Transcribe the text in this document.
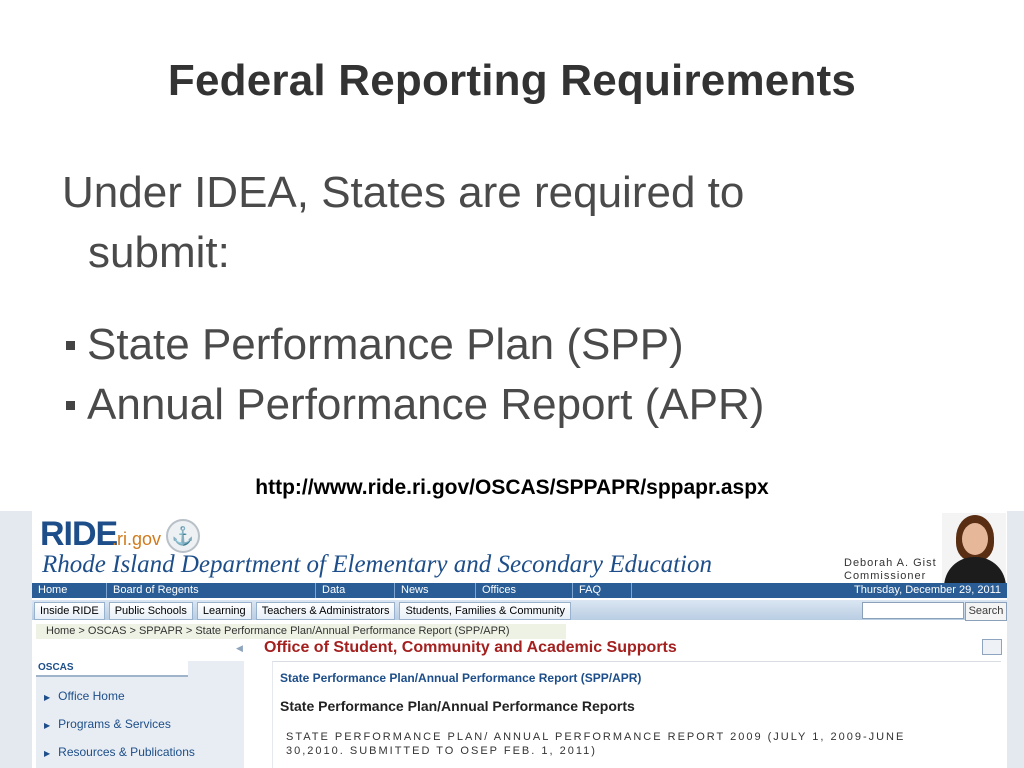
Federal Reporting Requirements
Under IDEA, States are required to
submit:
State Performance Plan (SPP)
Annual Performance Report (APR)
http://www.ride.ri.gov/OSCAS/SPPAPR/sppapr.aspx
RIDE
.ri.gov ⚓
Rhode Island Department of Elementary and Secondary Education	Deborah A. Gist
Commissioner
Home	Board of Regents	Data	News	Offices	FAQ	Thursday, December 29, 2011
Inside RIDE	Public Schools	Learning	Teachers & Administrators	Students, Families & Community	Search
Home > OSCAS > SPPAPR > State Performance Plan/Annual Performance Report (SPP/APR)
◀
OSCAS
▶ Office Home
▶ Programs & Services
▶ Resources & Publications
Office of Student, Community and Academic Supports
State Performance Plan/Annual Performance Report (SPP/APR)
State Performance Plan/Annual Performance Reports
STATE PERFORMANCE PLAN/ ANNUAL PERFORMANCE REPORT 2009 (JULY 1, 2009-JUNE 30,2010. SUBMITTED TO OSEP FEB. 1, 2011)
